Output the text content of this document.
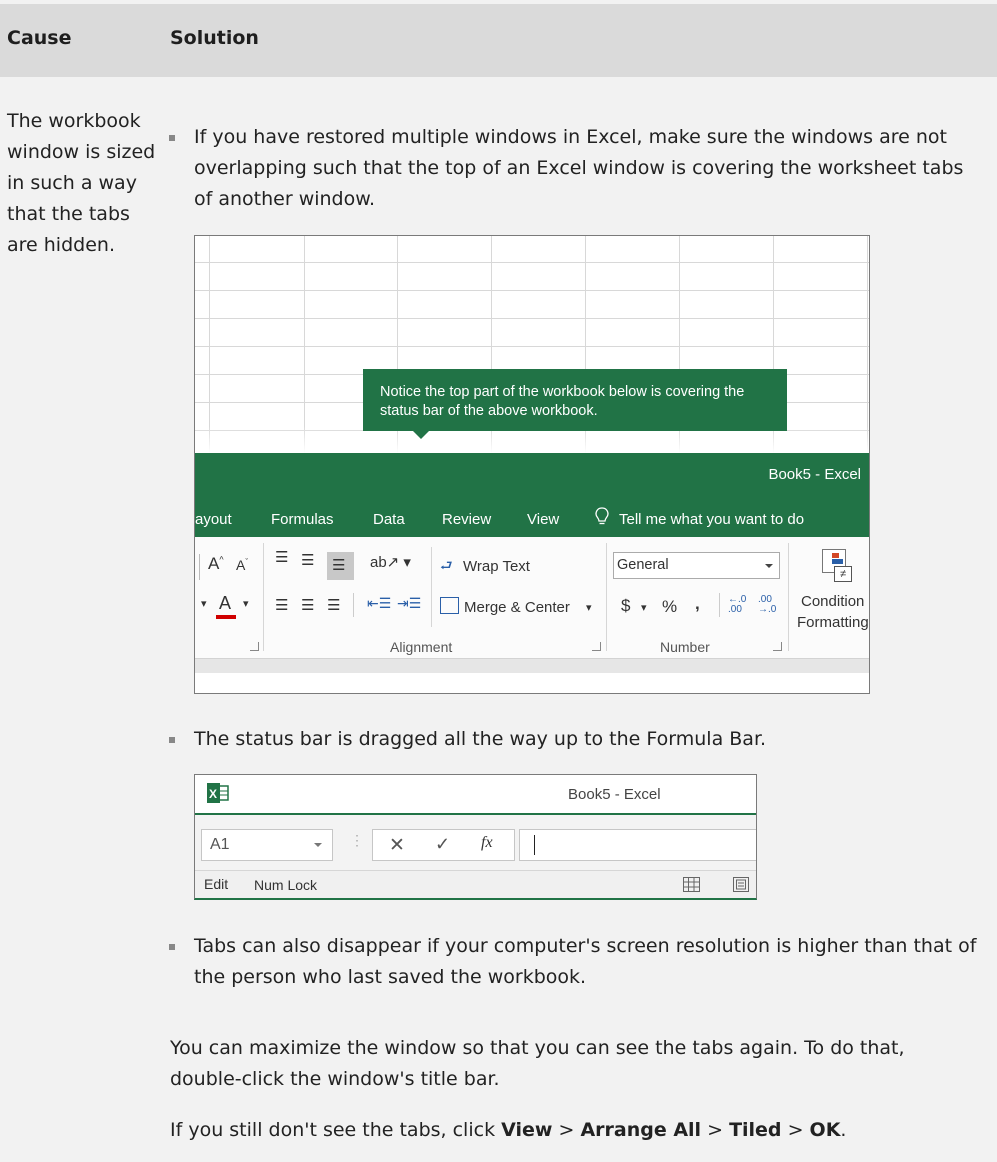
Cause	Solution
The workbook window is sized in such a way that the tabs are hidden.
If you have restored multiple windows in Excel, make sure the windows are not overlapping such that the top of an Excel window is covering the worksheet tabs of another window.
Notice the top part of the workbook below is covering the status bar of the above workbook.
Book5 - Excel
ayout	Formulas	Data Review View	Tell me what you want to do
A^ $A^ˇ$
▾ A ▾
☰ ☰ ☰ ab↗ ▾
☰ ☰ ☰ ⇤☰ ⇥☰
⮐ Wrap Text
Merge & Center ▾
Alignment
General
$ ▾ % ,	←.0
.00
.00
→.0
Number
≠
Condition
Formatting
The status bar is dragged all the way up to the Formula Bar.
X	Book5 - Excel
A1	⋮ ✕ ✓ fx
Edit Num Lock
Tabs can also disappear if your computer's screen resolution is higher than that of the person who last saved the workbook.
You can maximize the window so that you can see the tabs again. To do that, double-click the window's title bar.
If you still don't see the tabs, click View > Arrange All > Tiled > OK.
